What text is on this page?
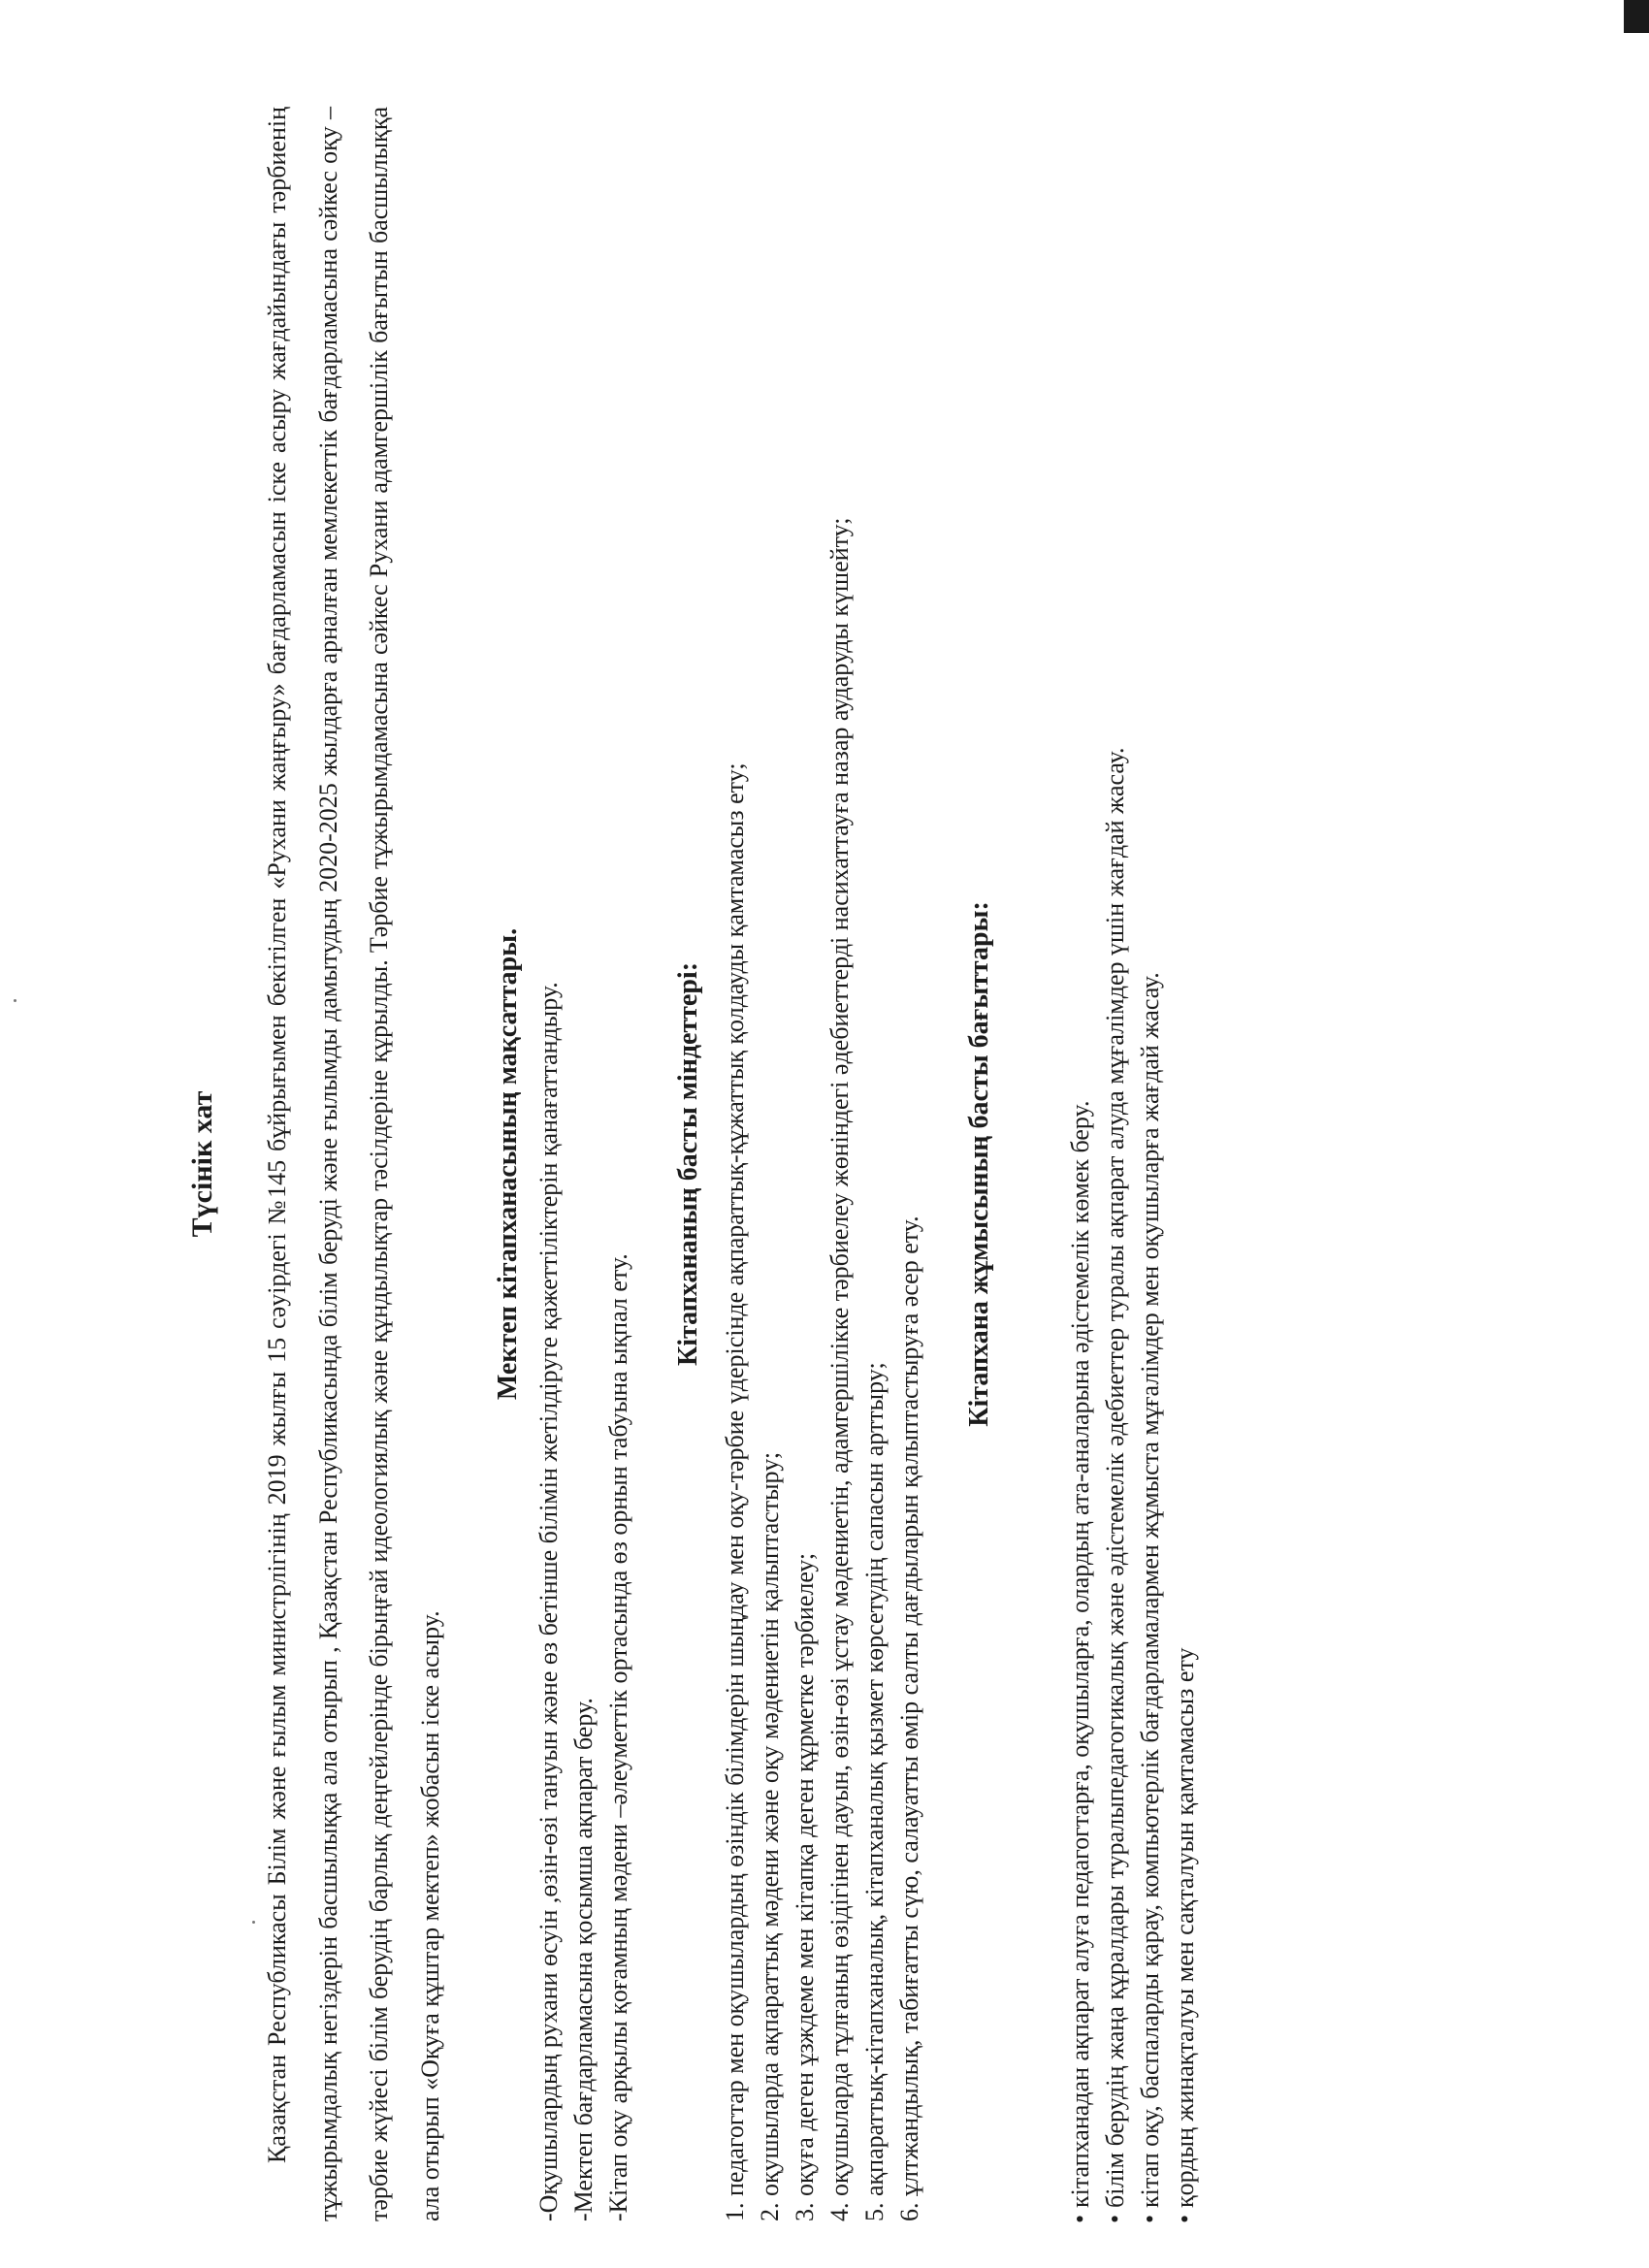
Түсінік хат	Қазақстан Республикасы Білім және ғылым министрлігінің 2019 жылғы 15 сәуірдегі №145 бұйрығымен бекітілген «Рухани жаңғыру» бағдарламасын іске асыру жағдайындағы тәрбиенің тұжырымдалық негіздерін басшылыққа ала отырып , Қазақстан Республикасында білім беруді және ғылымды дамытудың 2020-2025 жылдарға арналған мемлекеттік бағдарламасына сәйкес оқу –тәрбие жүйесі білім берудің барлық деңгейлерінде бірыңғай идеологиялық және құндылықтар тәсілдеріне құрылды. Тәрбие тұжырымдамасына сәйкес Рухани адамгершілік бағытын басшылыққа ала отырып «Оқуға құштар мектеп» жобасын іске асыру.

Мектеп кітапханасының мақсаттары. -Оқушылардың рухани өсуін ,өзін-өзі тануын және өз бетінше білімін жетілдіруге қажеттіліктерін қанағаттандыру. -Мектеп бағдарламасына қосымша ақпарат беру. -Кітап оқу арқылы қоғамның мәдени –әлеуметтік ортасында өз орнын табуына ықпал ету.
Кітапхананың басты міндеттері: 1. педагогтар мен оқушылардың өзіндік білімдерін шыңдау мен оқу-тәрбие үдерісінде ақпараттық-құжаттық қолдауды қамтамасыз ету; 2. оқушыларда ақпараттық мәдени және оқу мәдениетін қалыптастыру; 3. оқуға деген ұзждеме мен кітапқа деген құрметке тәрбиелеу; 4. оқушыларда тұлғаның өзідігінен дауын, өзін-өзі ұстау мәдениетін, адамгершілікке тәрбиелеу жөніндегі әдебиеттерді насихаттауға назар аударуды күшейту; 5. ақпараттық-кітапханалық, кітапханалық қызмет көрсетудің сапасын арттыру; 6. ұлтжандылық, табиғатты сүю, салауатты өмір салты дағдыларын қалыптастыруға әсер ету.
Кітапхана жұмысының басты бағыттары:
•
кітапханадан ақпарат алуға педагогтарға, оқушыларға, олардың ата-аналарына әдістемелік көмек беру.
•
білім берудің жаңа құралдары туралыпедагогикалық және әдістемелік әдебиеттер туралы ақпарат алуда мұғалімдер үшін жағдай жасау.
•
кітап оқу, баспаларды қарау, компьютерлік бағдарламалармен жұмыста мұғалімдер мен оқушыларға жағдай жасау.
•
қордың жинақталуы мен сақталуын қамтамасыз ету
